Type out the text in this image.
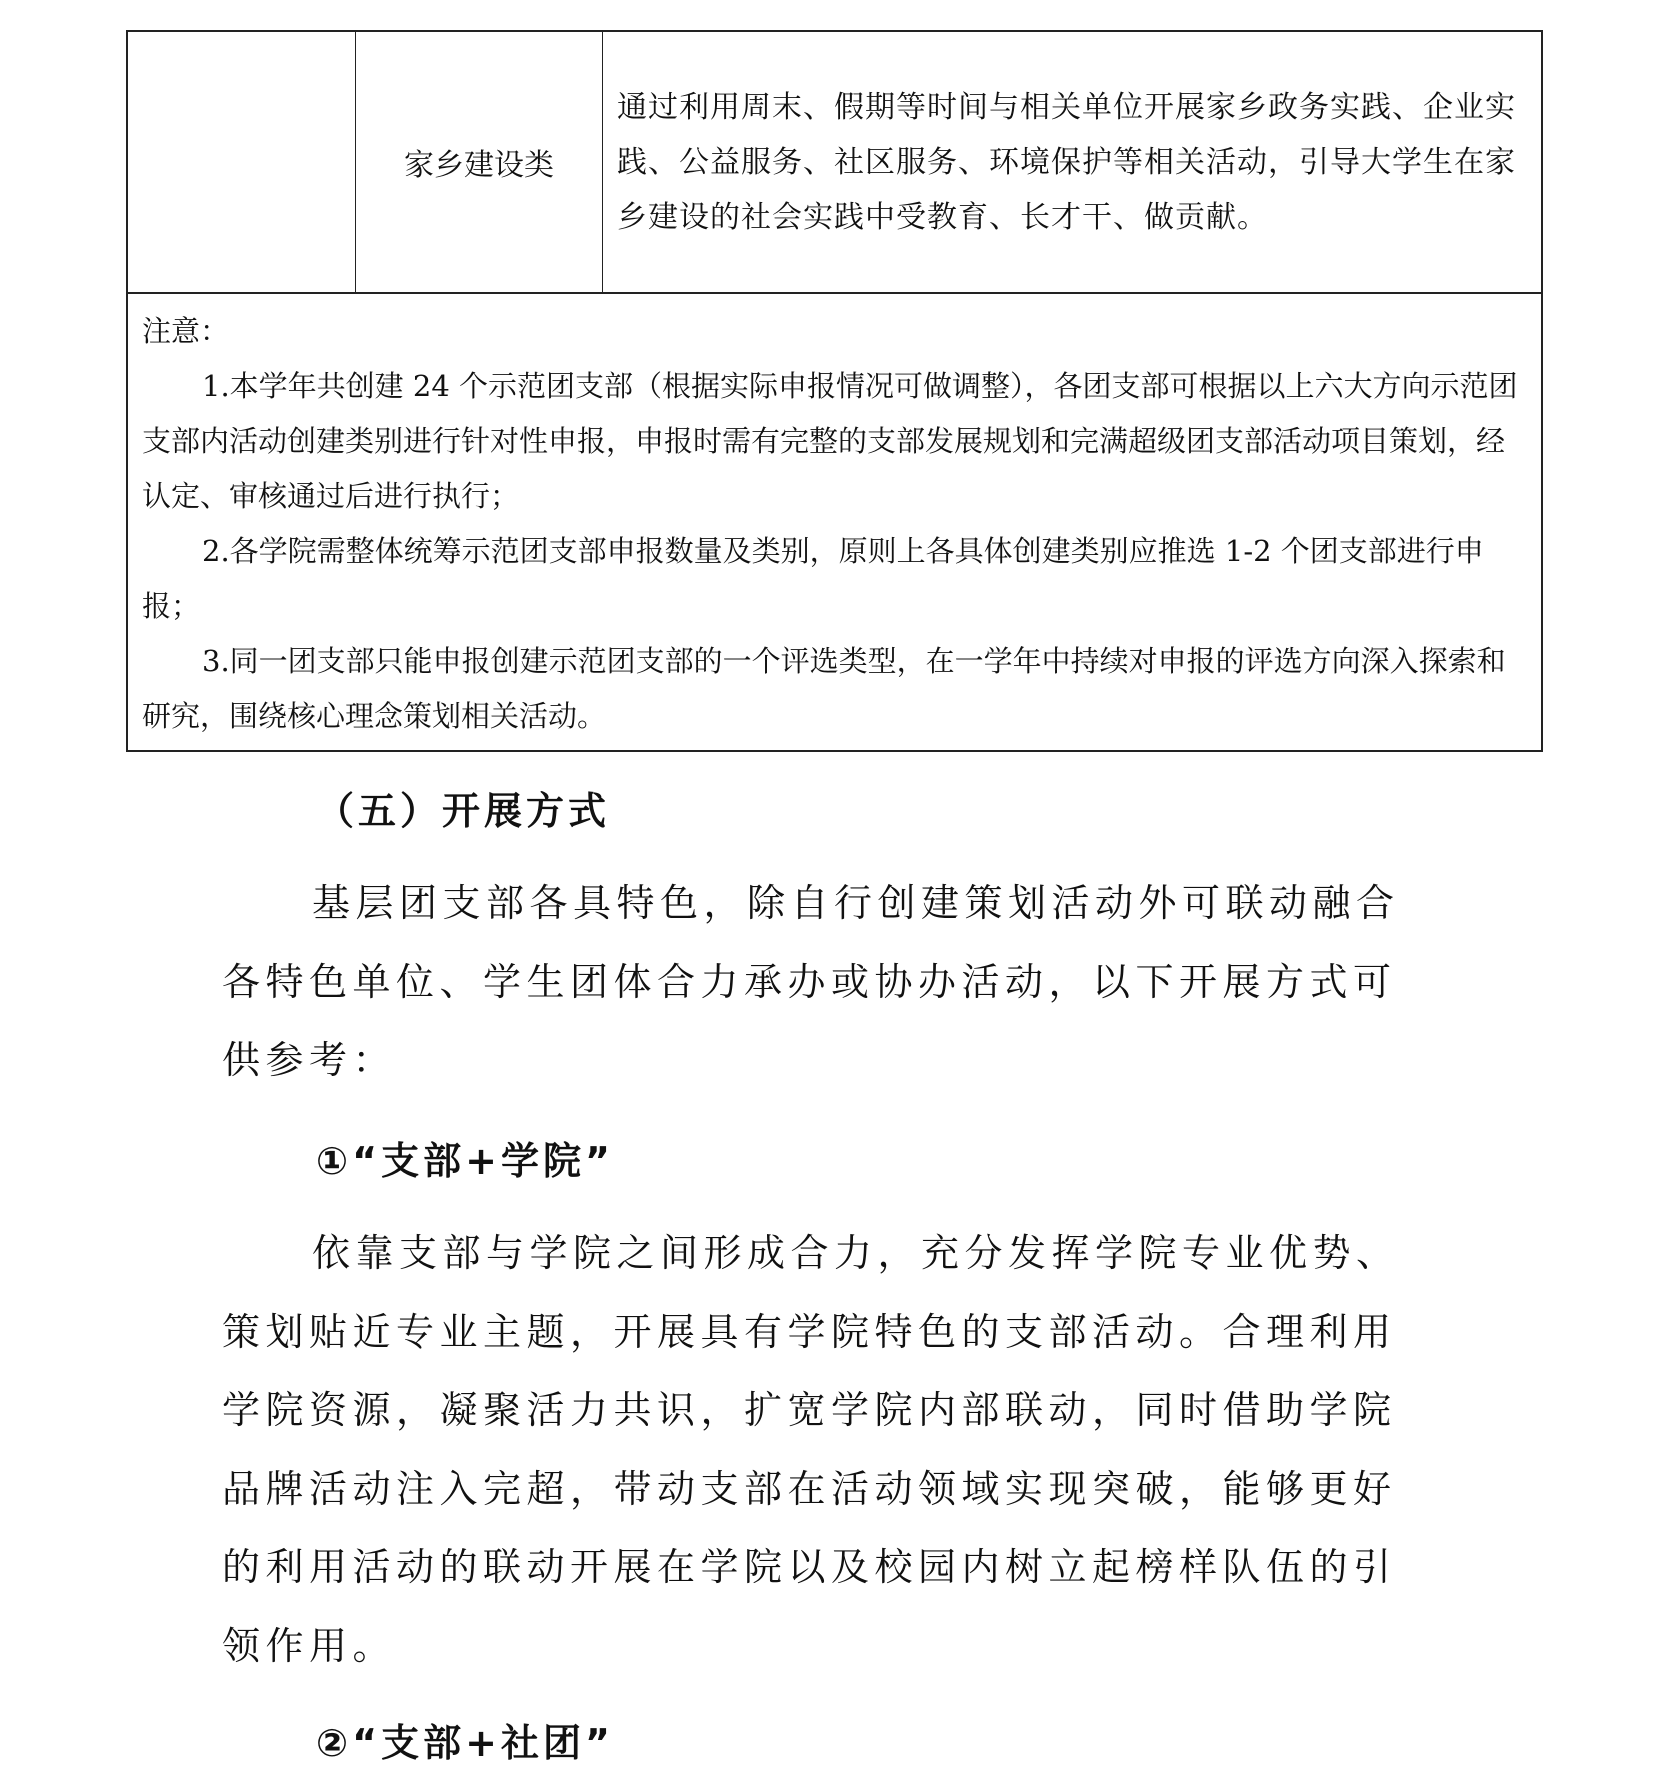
家乡建设类
通过利用周末、假期等时间与相关单位开展家乡政务实践、企业实践、公益服务、社区服务、环境保护等相关活动，引导大学生在家乡建设的社会实践中受教育、长才干、做贡献。

注意：

1.本学年共创建 24 个示范团支部（根据实际申报情况可做调整），各团支部可根据以上六大方向示范团支部内活动创建类别进行针对性申报，申报时需有完整的支部发展规划和完满超级团支部活动项目策划，经认定、审核通过后进行执行；

2.各学院需整体统筹示范团支部申报数量及类别，原则上各具体创建类别应推选 1-2 个团支部进行申报；

3.同一团支部只能申报创建示范团支部的一个评选类型，在一学年中持续对申报的评选方向深入探索和研究，围绕核心理念策划相关活动。

（五）开展方式

基层团支部各具特色，除自行创建策划活动外可联动融合各特色单位、学生团体合力承办或协办活动，以下开展方式可供参考：

①“支部+学院”

依靠支部与学院之间形成合力，充分发挥学院专业优势、策划贴近专业主题，开展具有学院特色的支部活动。合理利用学院资源，凝聚活力共识，扩宽学院内部联动，同时借助学院品牌活动注入完超，带动支部在活动领域实现突破，能够更好的利用活动的联动开展在学院以及校园内树立起榜样队伍的引领作用。

②“支部+社团”
